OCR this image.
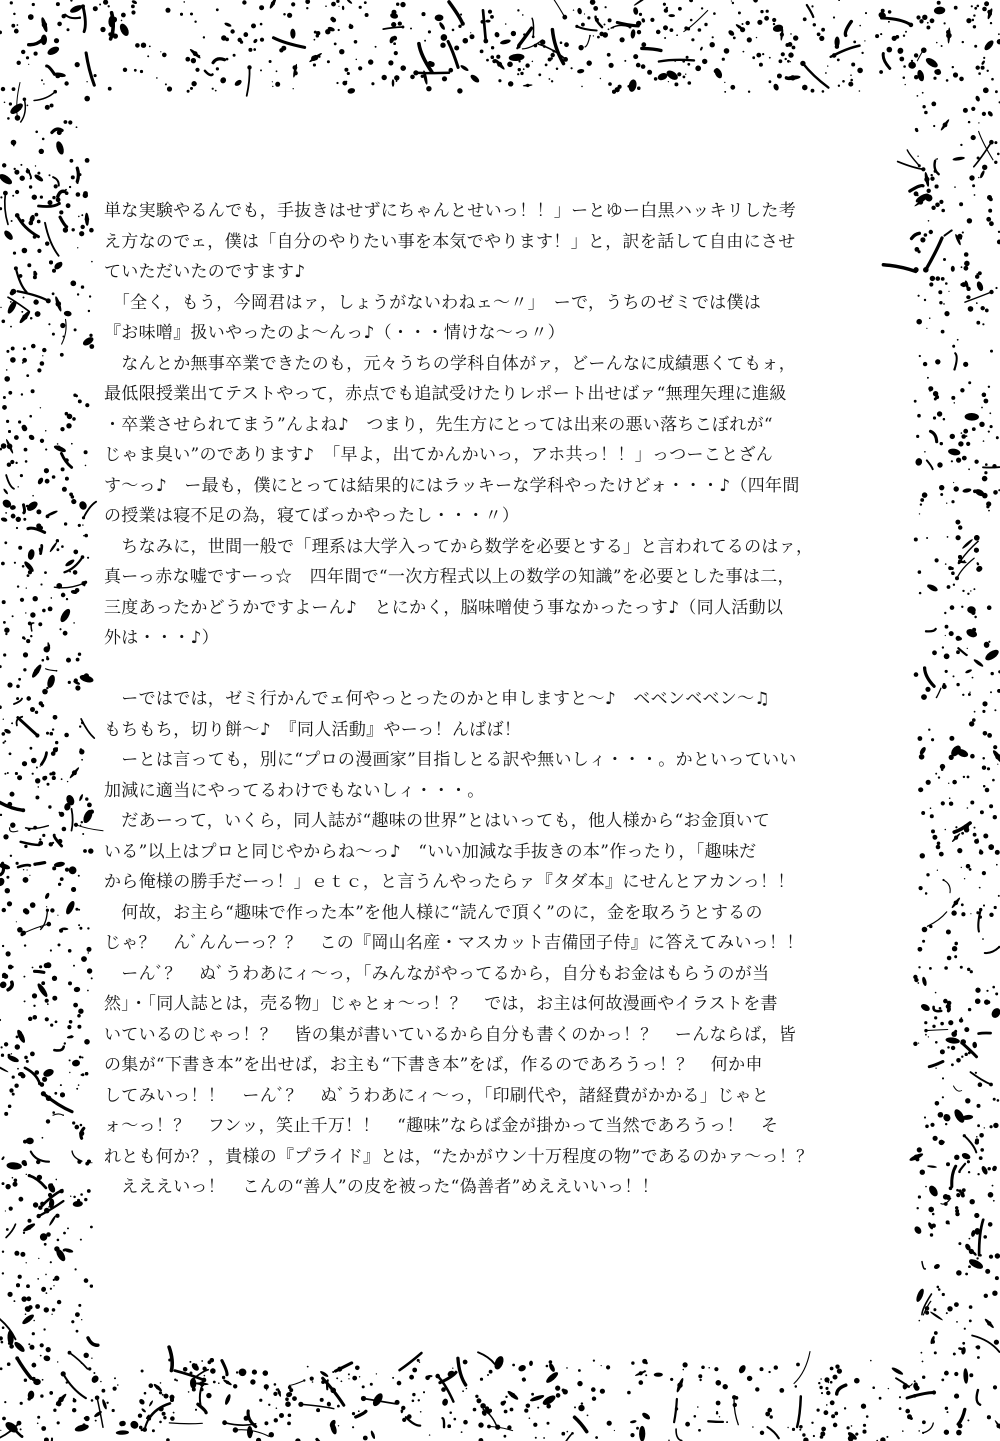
単な実験やるんでも，手抜きはせずにちゃんとせいっ！！」ーとゆー白黒ハッキリした考
え方なのでェ，僕は「自分のやりたい事を本気でやります！」と，訳を話して自由にさせ
ていただいたのですます♪
　「全く，もう，今岡君はァ，しょうがないわねェ～〃」　ーで，うちのゼミでは僕は
『お味噌』扱いやったのよ～んっ♪（・・・情けな～っ〃）
　なんとか無事卒業できたのも，元々うちの学科自体がァ，どーんなに成績悪くてもォ，
最低限授業出てテストやって，赤点でも追試受けたりレポート出せばァ“無理矢理に進級
・卒業させられてまう”んよね♪　つまり，先生方にとっては出来の悪い落ちこぼれが“
じゃま臭い”のであります♪　「早よ，出てかんかいっ，アホ共っ！！」っつーことざん
す～っ♪　ー最も，僕にとっては結果的にはラッキーな学科やったけどォ・・・♪（四年間
の授業は寝不足の為，寝てばっかやったし・・・〃）
　ちなみに，世間一般で「理系は大学入ってから数学を必要とする」と言われてるのはァ，
真ーっ赤な嘘ですーっ☆　四年間で“一次方程式以上の数学の知識”を必要とした事は二，
三度あったかどうかですよーん♪　とにかく，脳味噌使う事なかったっす♪（同人活動以
外は・・・♪）
　ーではでは，ゼミ行かんでェ何やっとったのかと申しますと～♪　ベベンベベン～♫
もちもち，切り餅～♪　『同人活動』やーっ！んばば！
　ーとは言っても，別に“プロの漫画家”目指しとる訳や無いしィ・・・。かといっていい
加減に適当にやってるわけでもないしィ・・・。
　だあーって，いくら，同人誌が“趣味の世界”とはいっても，他人様から“お金頂いて
いる”以上はプロと同じやからね～っ♪　“いい加減な手抜きの本”作ったり，「趣味だ
から俺様の勝手だーっ！」ｅｔｃ，と言うんやったらァ『タダ本』にせんとアカンっ！！
　何故，お主ら“趣味で作った本”を他人様に“読んで頂く”のに，金を取ろうとするの
じゃ？　んﾞんんーっ？？　この『岡山名産・マスカット吉備団子侍』に答えてみいっ！！
　ーんﾞ？　ぬﾞうわあにィ～っ，「みんながやってるから，自分もお金はもらうのが当
然」・「同人誌とは，売る物」じゃとォ～っ！？　では，お主は何故漫画やイラストを書
いているのじゃっ！？　皆の集が書いているから自分も書くのかっ！？　ーんならば，皆
の集が“下書き本”を出せば，お主も“下書き本”をば，作るのであろうっ！？　何か申
してみいっ！！　ーんﾞ？　ぬﾞうわあにィ～っ，「印刷代や，諸経費がかかる」じゃと
ォ～っ！？　フンッ，笑止千万！！　“趣味”ならば金が掛かって当然であろうっ！　そ
れとも何か？，貴様の『プライド』とは，“たかがウン十万程度の物”であるのかァ～っ！？
　えええいっ！　こんの“善人”の皮を被った“偽善者”めええいいっ！！
